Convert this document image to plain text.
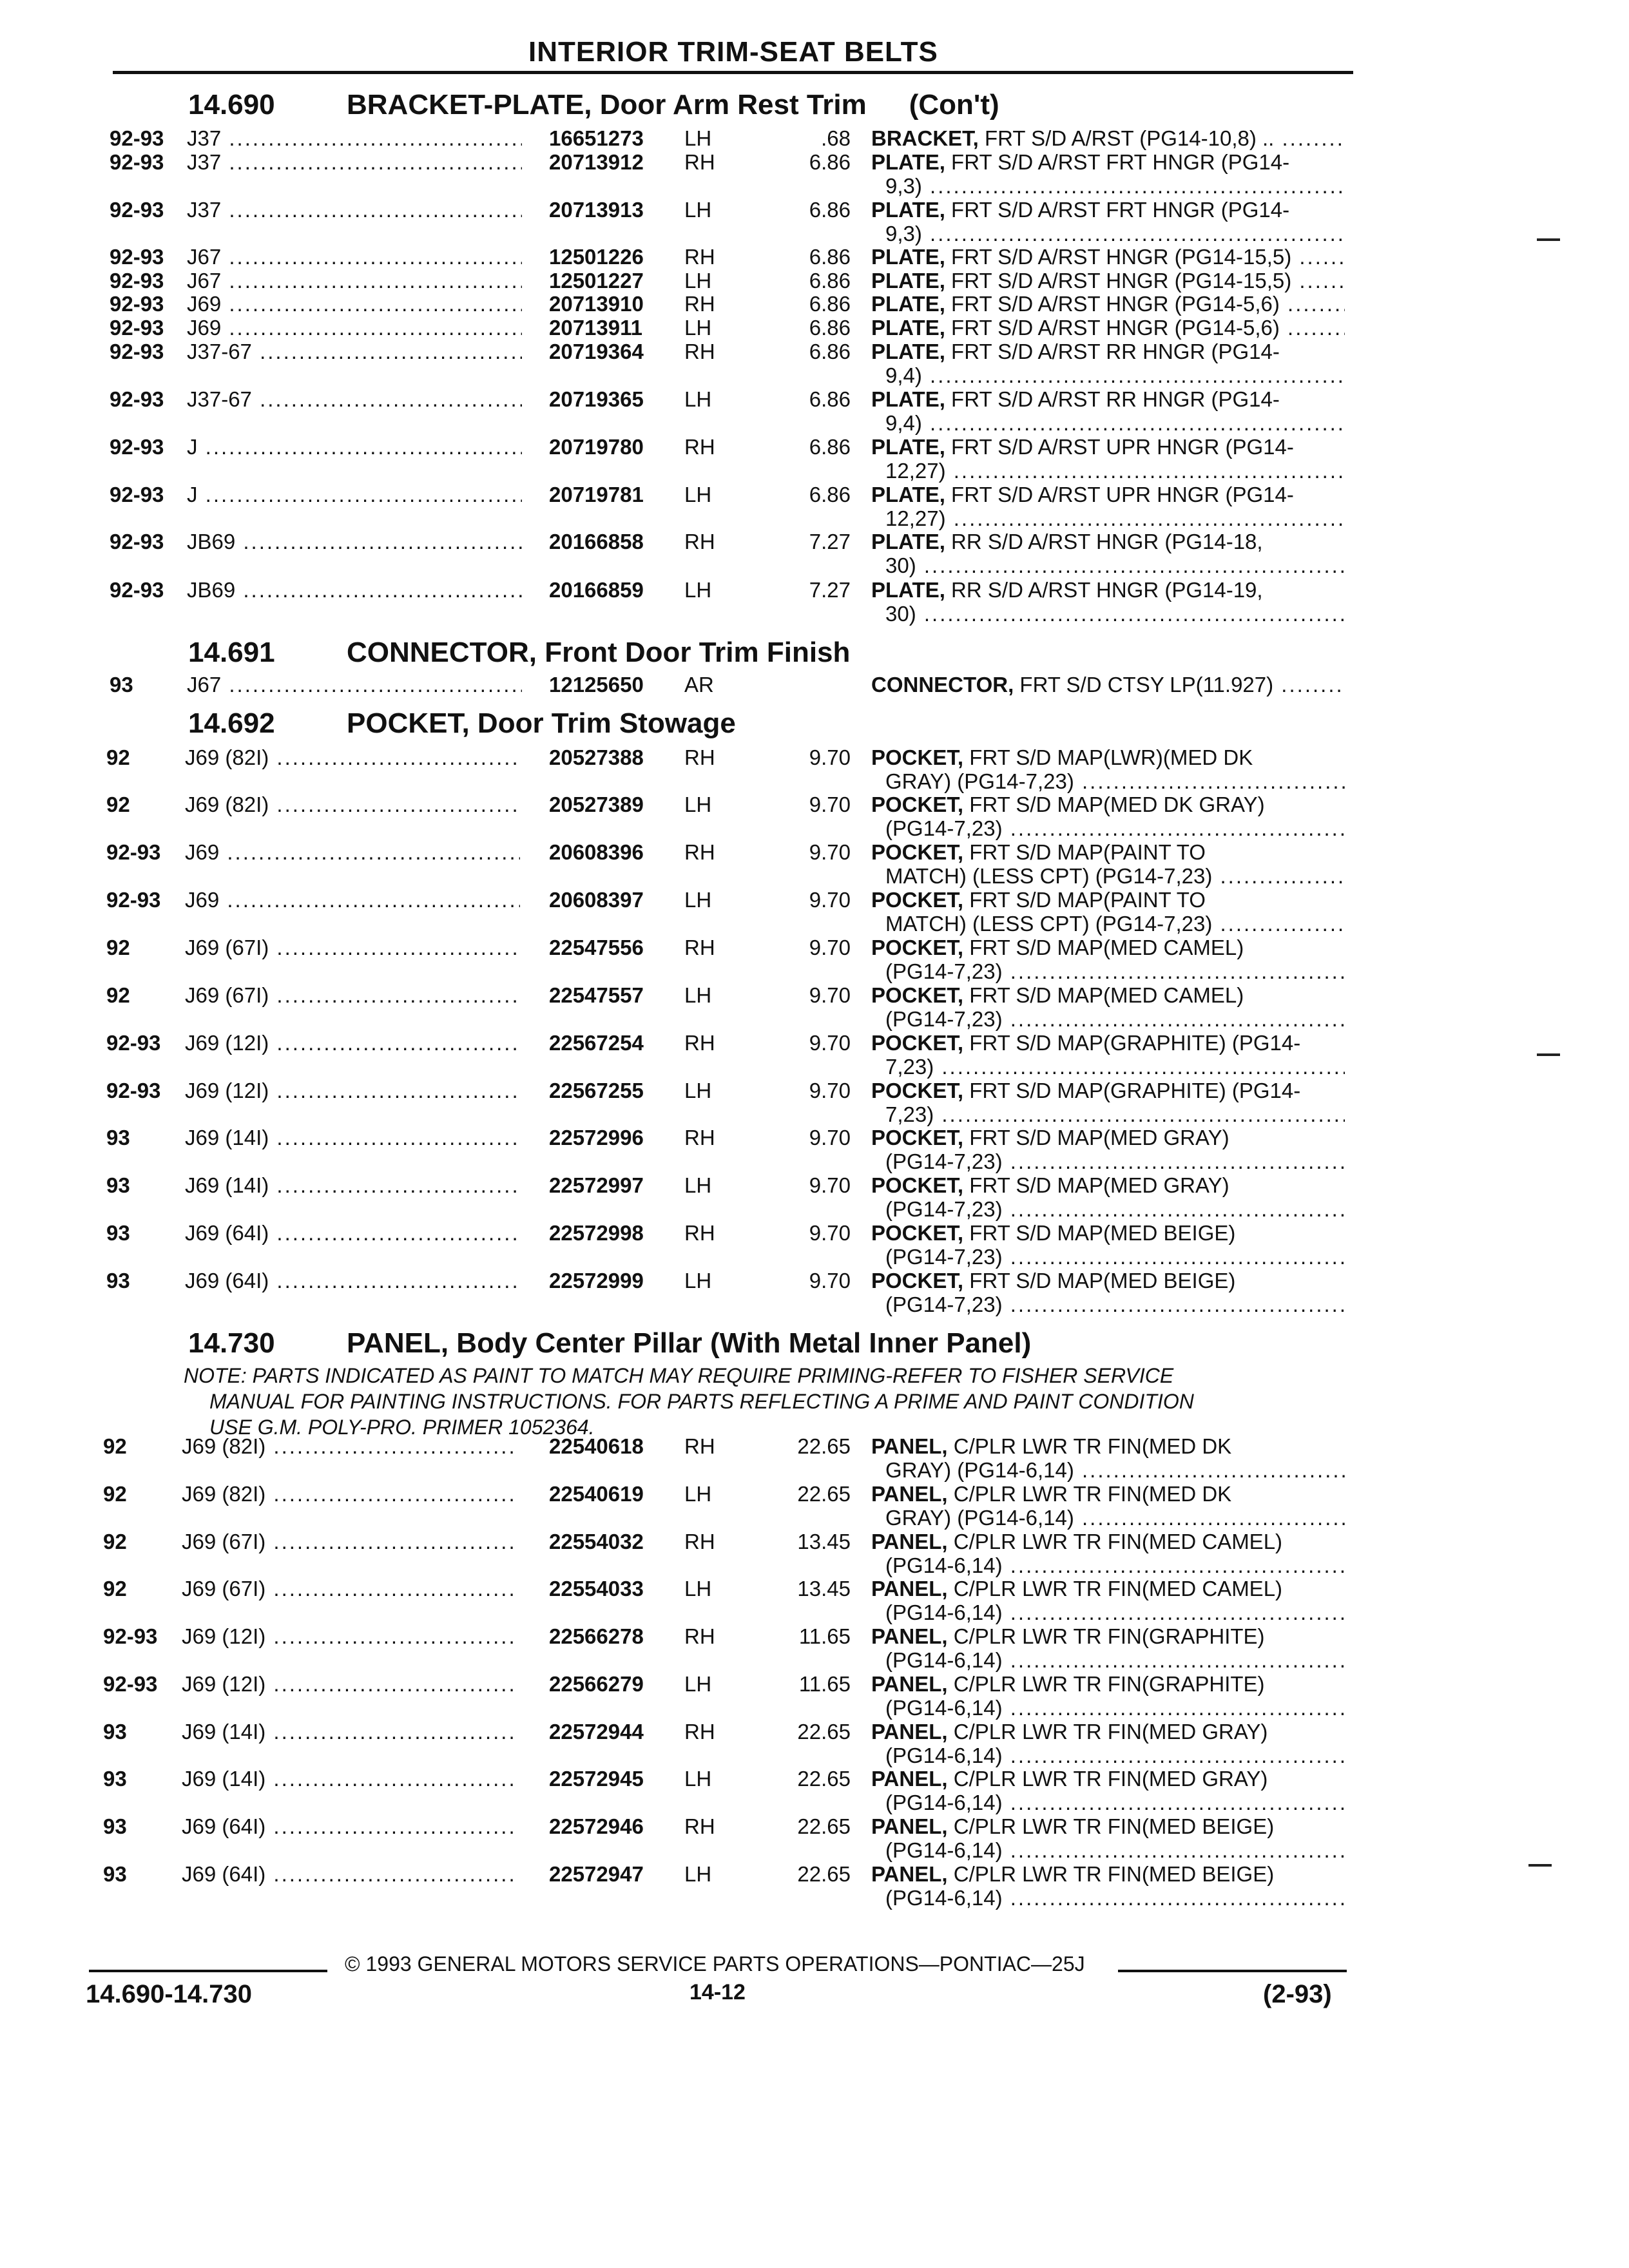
INTERIOR TRIM-SEAT BELTS
14.690	BRACKET-PLATE, Door Arm Rest Trim (Con't)
92-93 J37 .....	16651273 LH	.68 BRACKET, FRT S/D A/RST (PG14-10,8) .. .....
92-93 J37 .....	20713912 RH	6.86 PLATE, FRT S/D A/RST FRT HNGR (PG14-
9,3) .....
92-93 J37 .....	20713913 LH	6.86 PLATE, FRT S/D A/RST FRT HNGR (PG14-
9,3) .....
92-93 J67 .....	12501226 RH	6.86 PLATE, FRT S/D A/RST HNGR (PG14-15,5) .....
92-93 J67 .....	12501227 LH	6.86 PLATE, FRT S/D A/RST HNGR (PG14-15,5) .....
92-93 J69 .....	20713910 RH	6.86 PLATE, FRT S/D A/RST HNGR (PG14-5,6) .....
92-93 J69 .....	20713911 LH	6.86 PLATE, FRT S/D A/RST HNGR (PG14-5,6) .....
92-93 J37-67 .....	20719364 RH	6.86 PLATE, FRT S/D A/RST RR HNGR (PG14-
9,4) .....
92-93 J37-67 .....	20719365 LH	6.86 PLATE, FRT S/D A/RST RR HNGR (PG14-
9,4) .....
92-93 J .....	20719780 RH	6.86 PLATE, FRT S/D A/RST UPR HNGR (PG14-
12,27) .....
92-93 J .....	20719781 LH	6.86 PLATE, FRT S/D A/RST UPR HNGR (PG14-
12,27) .....
92-93 JB69 .....	20166858 RH	7.27 PLATE, RR S/D A/RST HNGR (PG14-18,
30) .....
92-93 JB69 .....	20166859 LH	7.27 PLATE, RR S/D A/RST HNGR (PG14-19,
30) .....
14.691	CONNECTOR, Front Door Trim Finish
93	J67 .....	12125650 AR	CONNECTOR, FRT S/D CTSY LP(11.927) .....
14.692	POCKET, Door Trim Stowage
92	J69 (82I) .....	20527388 RH	9.70 POCKET, FRT S/D MAP(LWR)(MED DK
GRAY) (PG14-7,23) .....
92	J69 (82I) .....	20527389 LH	9.70 POCKET, FRT S/D MAP(MED DK GRAY)
(PG14-7,23) .....
92-93 J69 .....	20608396 RH	9.70 POCKET, FRT S/D MAP(PAINT TO
MATCH) (LESS CPT) (PG14-7,23) .....
92-93 J69 .....	20608397 LH	9.70 POCKET, FRT S/D MAP(PAINT TO
MATCH) (LESS CPT) (PG14-7,23) .....
92	J69 (67I) .....	22547556 RH	9.70 POCKET, FRT S/D MAP(MED CAMEL)
(PG14-7,23) .....
92	J69 (67I) .....	22547557 LH	9.70 POCKET, FRT S/D MAP(MED CAMEL)
(PG14-7,23) .....
92-93 J69 (12I) .....	22567254 RH	9.70 POCKET, FRT S/D MAP(GRAPHITE) (PG14-
7,23) .....
92-93 J69 (12I) .....	22567255 LH	9.70 POCKET, FRT S/D MAP(GRAPHITE) (PG14-
7,23) .....
93	J69 (14I) .....	22572996 RH	9.70 POCKET, FRT S/D MAP(MED GRAY)
(PG14-7,23) .....
93	J69 (14I) .....	22572997 LH	9.70 POCKET, FRT S/D MAP(MED GRAY)
(PG14-7,23) .....
93	J69 (64I) .....	22572998 RH	9.70 POCKET, FRT S/D MAP(MED BEIGE)
(PG14-7,23) .....
93	J69 (64I) .....	22572999 LH	9.70 POCKET, FRT S/D MAP(MED BEIGE)
(PG14-7,23) .....
14.730	PANEL, Body Center Pillar (With Metal Inner Panel)
NOTE: PARTS INDICATED AS PAINT TO MATCH MAY REQUIRE PRIMING-REFER TO FISHER SERVICE
MANUAL FOR PAINTING INSTRUCTIONS. FOR PARTS REFLECTING A PRIME AND PAINT CONDITION
USE G.M. POLY-PRO. PRIMER 1052364.
92	J69 (82I) .....	22540618 RH	22.65 PANEL, C/PLR LWR TR FIN(MED DK
GRAY) (PG14-6,14) .....
92	J69 (82I) .....	22540619 LH	22.65 PANEL, C/PLR LWR TR FIN(MED DK
GRAY) (PG14-6,14) .....
92	J69 (67I) .....	22554032 RH	13.45 PANEL, C/PLR LWR TR FIN(MED CAMEL)
(PG14-6,14) .....
92	J69 (67I) .....	22554033 LH	13.45 PANEL, C/PLR LWR TR FIN(MED CAMEL)
(PG14-6,14) .....
92-93 J69 (12I) .....	22566278 RH	11.65 PANEL, C/PLR LWR TR FIN(GRAPHITE)
(PG14-6,14) .....
92-93 J69 (12I) .....	22566279 LH	11.65 PANEL, C/PLR LWR TR FIN(GRAPHITE)
(PG14-6,14) .....
93	J69 (14I) .....	22572944 RH	22.65 PANEL, C/PLR LWR TR FIN(MED GRAY)
(PG14-6,14) .....
93	J69 (14I) .....	22572945 LH	22.65 PANEL, C/PLR LWR TR FIN(MED GRAY)
(PG14-6,14) .....
93	J69 (64I) .....	22572946 RH	22.65 PANEL, C/PLR LWR TR FIN(MED BEIGE)
(PG14-6,14) .....
93	J69 (64I) .....	22572947 LH	22.65 PANEL, C/PLR LWR TR FIN(MED BEIGE)
(PG14-6,14) .....
© 1993 GENERAL MOTORS SERVICE PARTS OPERATIONS—PONTIAC—25J
14.690-14.730	14-12	(2-93)
